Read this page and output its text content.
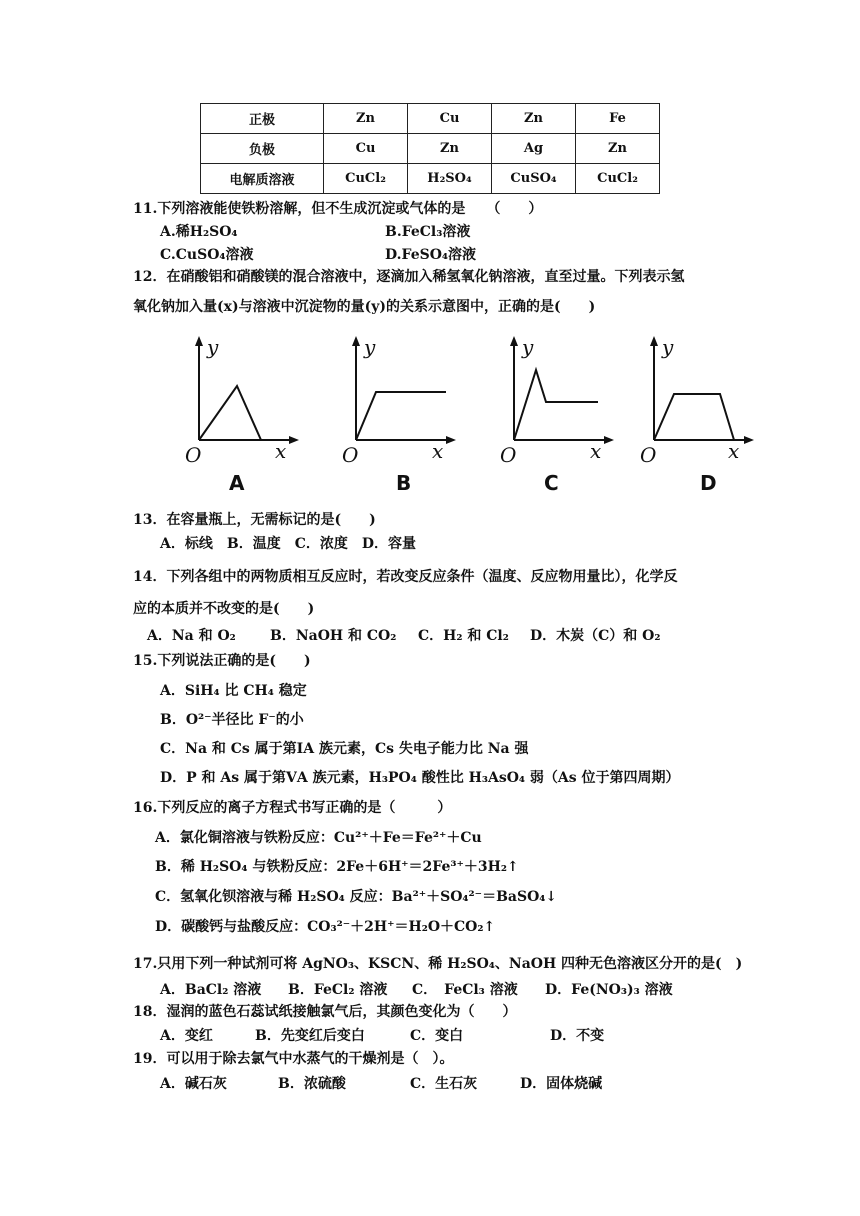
正极	Zn	Cu	Zn	Fe
负极	Cu	Zn	Ag	Zn
电解质溶液	CuCl₂	H₂SO₄	CuSO₄	CuCl₂
11.下列溶液能使铁粉溶解，但不生成沉淀或气体的是　　（　　）
A.稀H₂SO₄	B.FeCl₃溶液
C.CuSO₄溶液	D.FeSO₄溶液
12．在硝酸铝和硝酸镁的混合溶液中，逐滴加入稀氢氧化钠溶液，直至过量。下列表示氢
氧化钠加入量(x)与溶液中沉淀物的量(y)的关系示意图中，正确的是(　　)
y
x
O
A
y
x
O
B
y
x
O
C
y
x
O
D
13．在容量瓶上，无需标记的是(　　)
A．标线　B．温度　C．浓度　D．容量
14．下列各组中的两物质相互反应时，若改变反应条件（温度、反应物用量比），化学反
应的本质并不改变的是(　　)
A．Na 和 O₂ B．NaOH 和 CO₂ C．H₂ 和 Cl₂ D．木炭（C）和 O₂
15.下列说法正确的是(　　)
A．SiH₄ 比 CH₄ 稳定
B．O²⁻半径比 F⁻的小
C．Na 和 Cs 属于第ⅠA 族元素，Cs 失电子能力比 Na 强
D．P 和 As 属于第ⅤA 族元素，H₃PO₄ 酸性比 H₃AsO₄ 弱（As 位于第四周期）
16.下列反应的离子方程式书写正确的是（　　　）
A．氯化铜溶液与铁粉反应：Cu²⁺＋Fe＝Fe²⁺＋Cu
B．稀 H₂SO₄ 与铁粉反应：2Fe＋6H⁺＝2Fe³⁺＋3H₂↑
C．氢氧化钡溶液与稀 H₂SO₄ 反应：Ba²⁺＋SO₄²⁻＝BaSO₄↓
D．碳酸钙与盐酸反应：CO₃²⁻＋2H⁺＝H₂O＋CO₂↑
17.只用下列一种试剂可将 AgNO₃、KSCN、稀 H₂SO₄、NaOH 四种无色溶液区分开的是(　)
A．BaCl₂ 溶液 B．FeCl₂ 溶液 C．　FeCl₃ 溶液 D．Fe(NO₃)₃ 溶液
18．湿润的蓝色石蕊试纸接触氯气后，其颜色变化为（　　）
A．变红	B．先变红后变白	C．变白	D．不变
19．可以用于除去氯气中水蒸气的干燥剂是（　）。
A．碱石灰	B．浓硫酸	C．生石灰	D．固体烧碱
